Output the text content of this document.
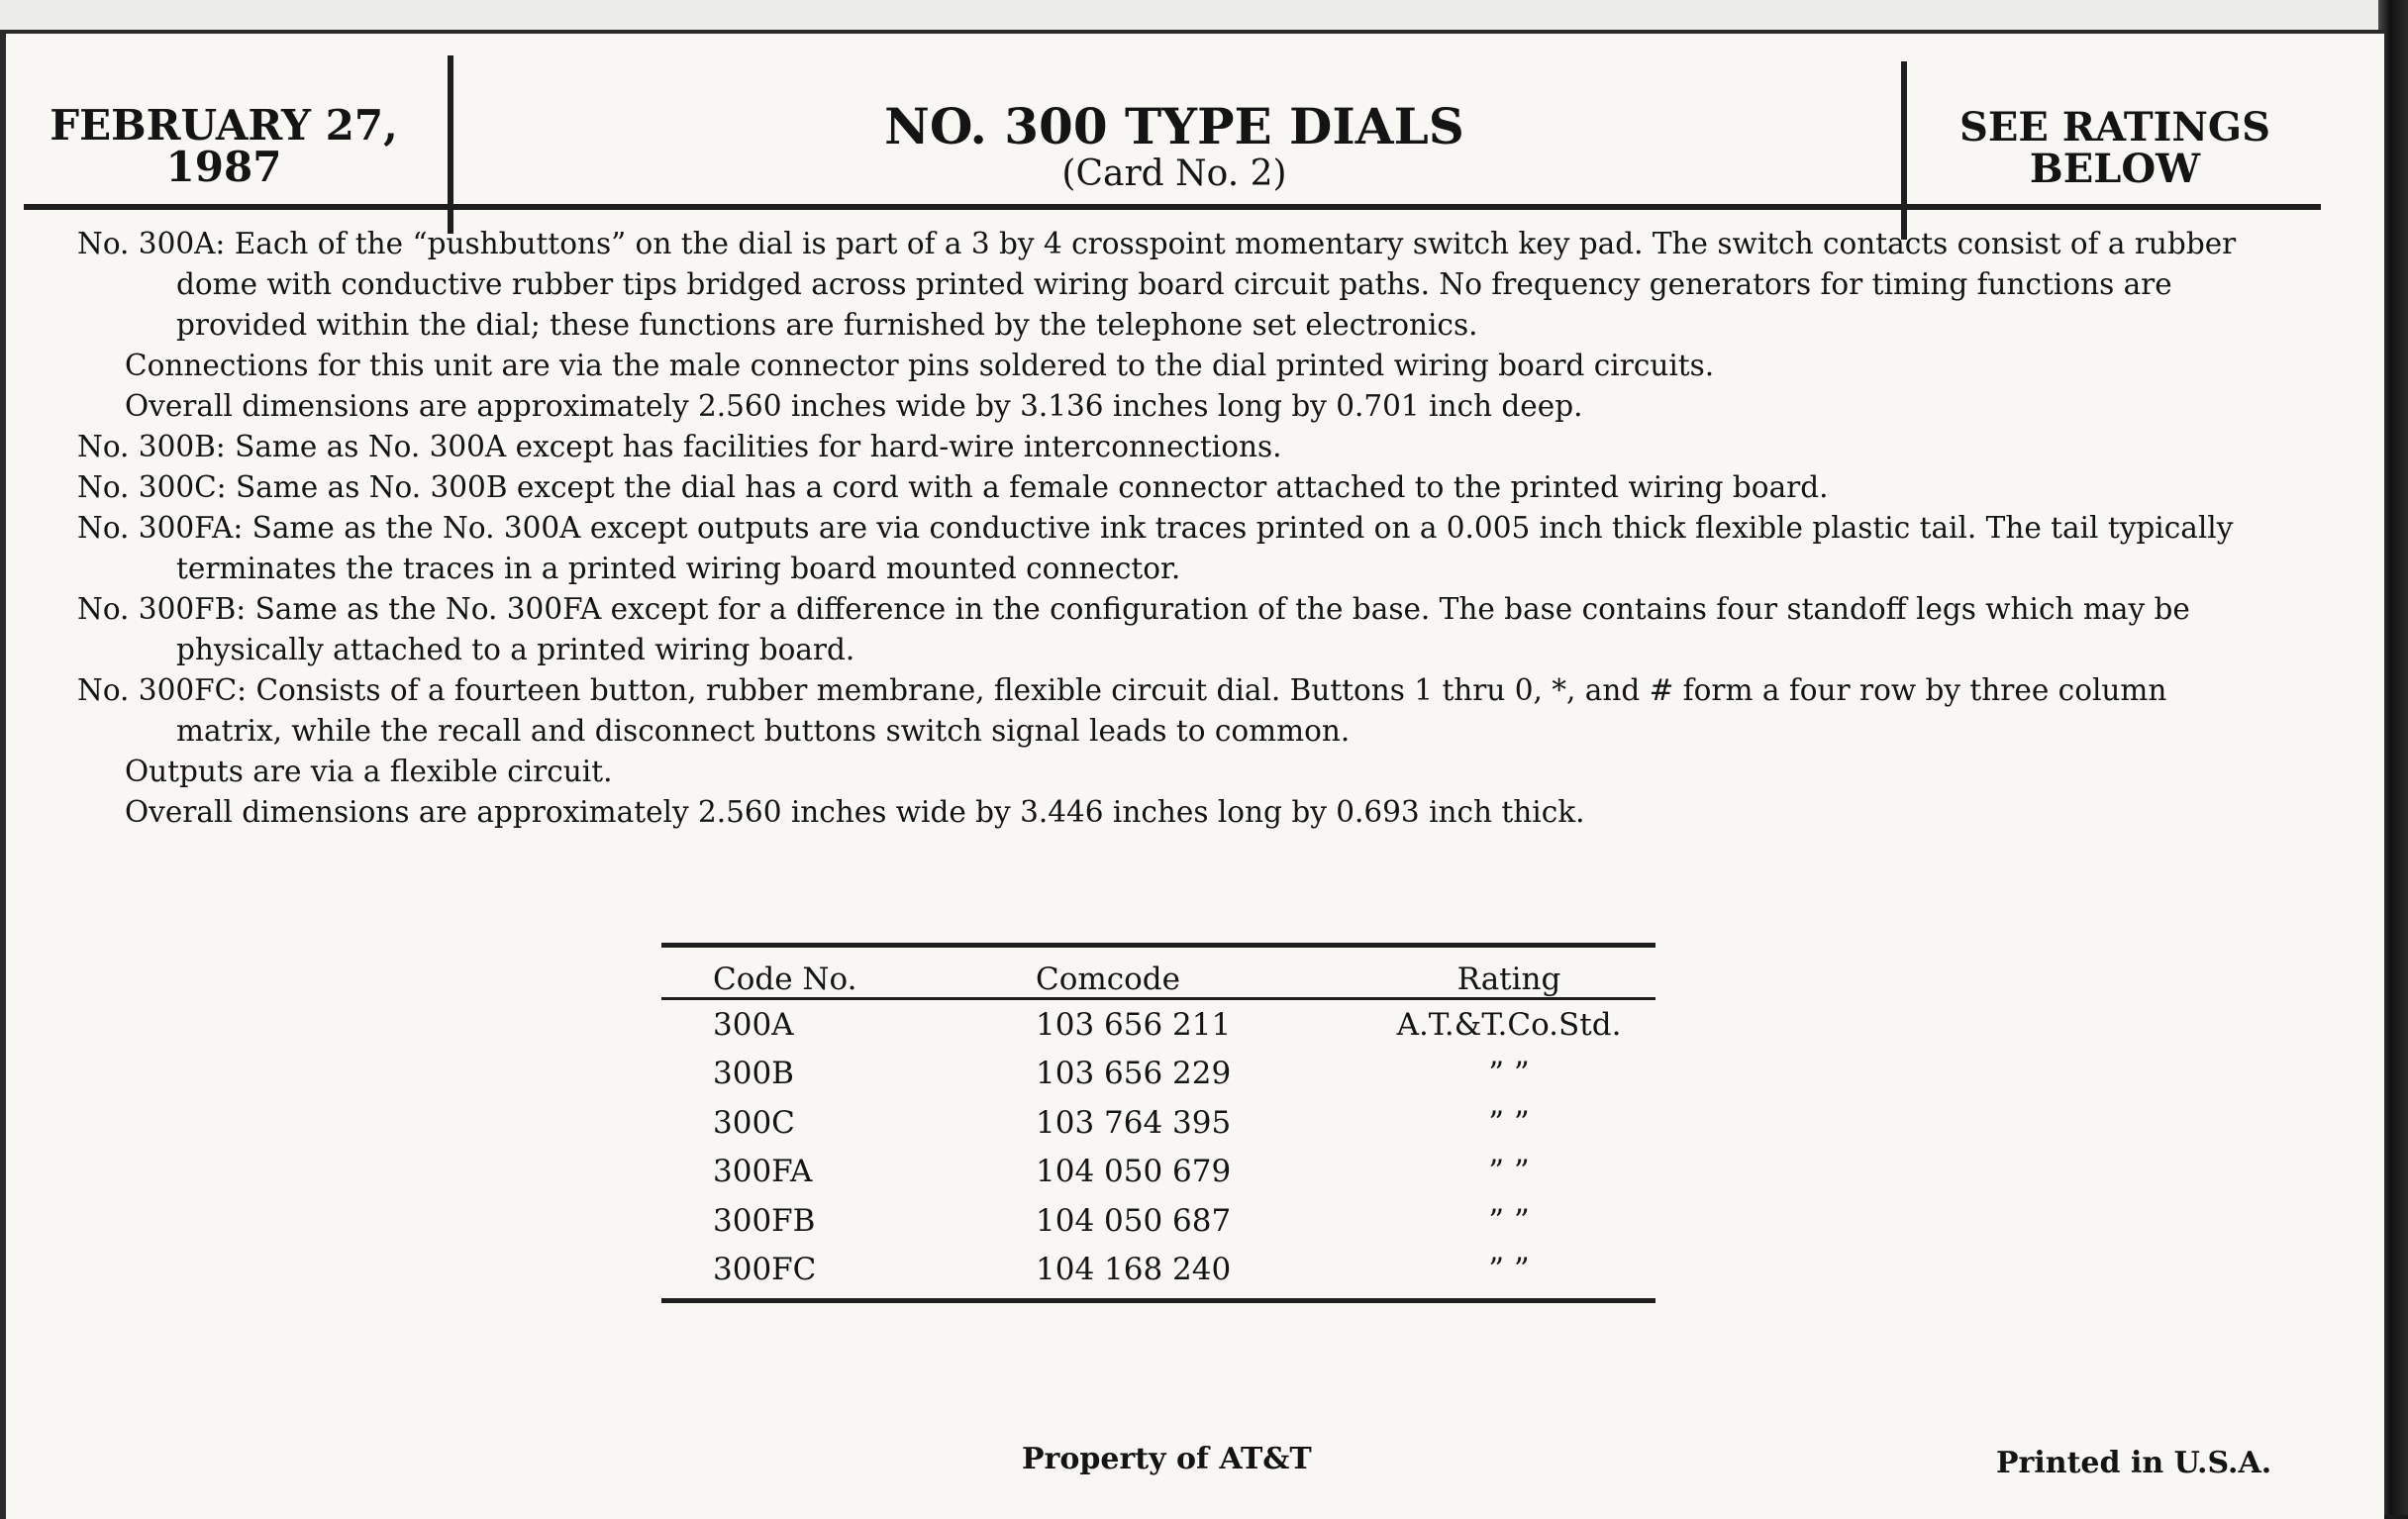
FEBRUARY 27,
1987
NO. 300 TYPE DIALS
(Card No. 2)
SEE RATINGS
BELOW

No. 300A: Each of the “pushbuttons” on the dial is part of a 3 by 4 crosspoint momentary switch key pad. The switch contacts consist of a rubber dome with conductive rubber tips bridged across printed wiring board circuit paths. No frequency generators for timing functions are provided within the dial; these functions are furnished by the telephone set electronics.

Connections for this unit are via the male connector pins soldered to the dial printed wiring board circuits.

Overall dimensions are approximately 2.560 inches wide by 3.136 inches long by 0.701 inch deep.

No. 300B: Same as No. 300A except has facilities for hard-wire interconnections.

No. 300C: Same as No. 300B except the dial has a cord with a female connector attached to the printed wiring board.

No. 300FA: Same as the No. 300A except outputs are via conductive ink traces printed on a 0.005 inch thick flexible plastic tail. The tail typically terminates the traces in a printed wiring board mounted connector.

No. 300FB: Same as the No. 300FA except for a difference in the configuration of the base. The base contains four standoff legs which may be physically attached to a printed wiring board.

No. 300FC: Consists of a fourteen button, rubber membrane, flexible circuit dial. Buttons 1 thru 0, *, and # form a four row by three column matrix, while the recall and disconnect buttons switch signal leads to common.

Outputs are via a flexible circuit.

Overall dimensions are approximately 2.560 inches wide by 3.446 inches long by 0.693 inch thick.

Code No.	Comcode	Rating
300A	103 656 211	A.T.&T.Co.Std.
300B	103 656 229	” ”
300C	103 764 395	” ”
300FA	104 050 679	” ”
300FB	104 050 687	” ”
300FC	104 168 240	” ”
Property of AT&T	Printed in U.S.A.
